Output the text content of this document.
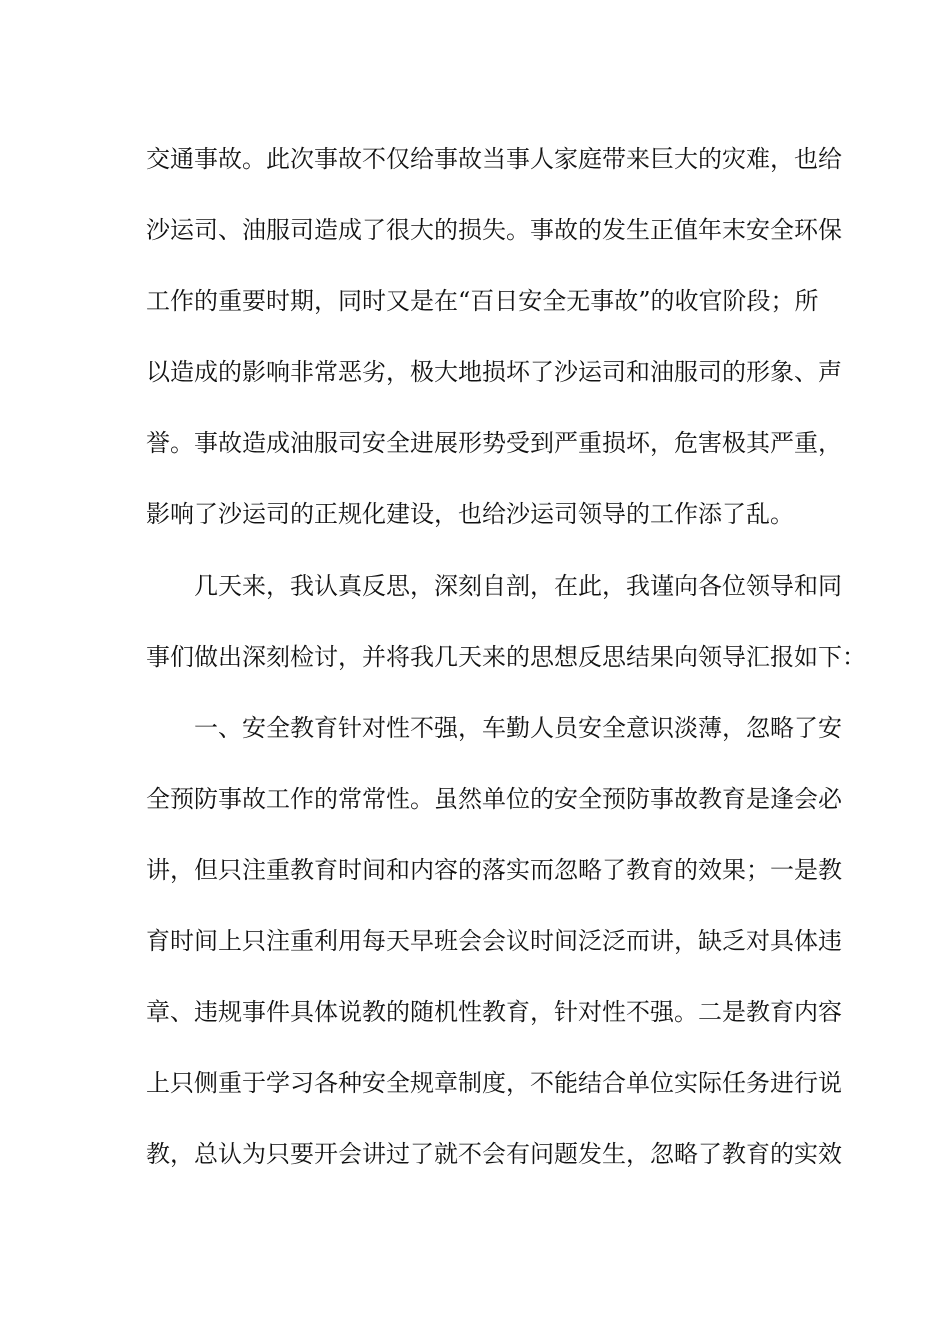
交通事故。此次事故不仅给事故当事人家庭带来巨大的灾难，也给
沙运司、油服司造成了很大的损失。事故的发生正值年末安全环保
工作的重要时期，同时又是在“百日安全无事故”的收官阶段；所
以造成的影响非常恶劣，极大地损坏了沙运司和油服司的形象、声
誉。事故造成油服司安全进展形势受到严重损坏，危害极其严重，
影响了沙运司的正规化建设，也给沙运司领导的工作添了乱。
几天来，我认真反思，深刻自剖，在此，我谨向各位领导和同
事们做出深刻检讨，并将我几天来的思想反思结果向领导汇报如下：
一、安全教育针对性不强，车勤人员安全意识淡薄，忽略了安
全预防事故工作的常常性。虽然单位的安全预防事故教育是逢会必
讲，但只注重教育时间和内容的落实而忽略了教育的效果；一是教
育时间上只注重利用每天早班会会议时间泛泛而讲，缺乏对具体违
章、违规事件具体说教的随机性教育，针对性不强。二是教育内容
上只侧重于学习各种安全规章制度，不能结合单位实际任务进行说
教，总认为只要开会讲过了就不会有问题发生，忽略了教育的实效
